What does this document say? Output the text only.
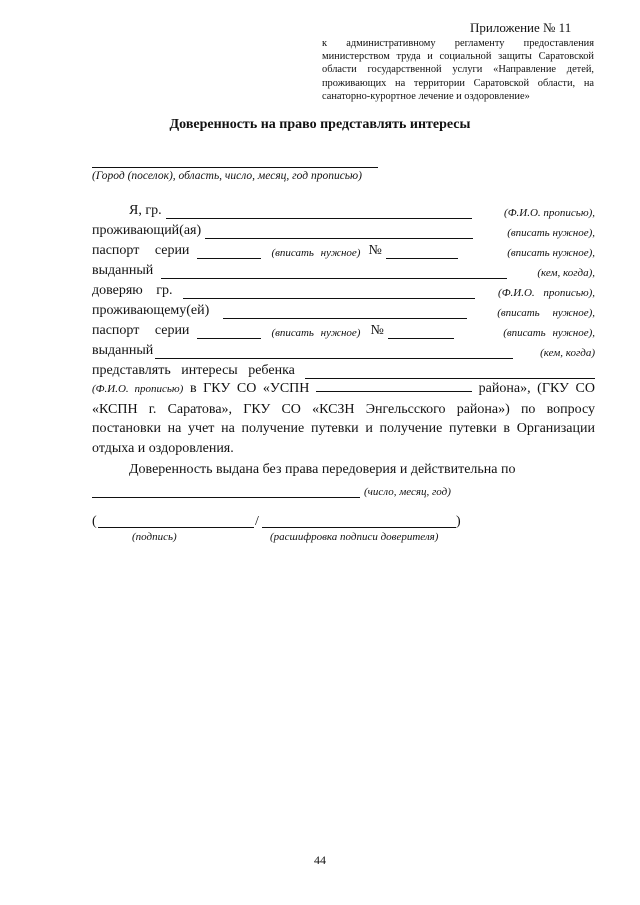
Приложение № 11
к административному регламенту предоставления
министерством труда и социальной защиты Саратовской
области государственной услуги «Направление детей,
проживающих на территории Саратовской области, на
санаторно-курортное лечение и оздоровление»
Доверенность на право представлять интересы
(Город (поселок), область, число, месяц, год прописью)
Я, гр.	(Ф.И.О. прописью),
проживающий(ая)	(вписать нужное),
паспорт серии	(вписать нужное) №	(вписать нужное),
выданный	(кем, когда),
доверяю гр.	(Ф.И.О. прописью),
проживающему(ей)	(вписать нужное),
паспорт серии	(вписать нужное) №	(вписать нужное),
выданный	(кем, когда)
представлять интересы ребенка
(Ф.И.О. прописью) в ГКУ СО «УСПН	района», (ГКУ СО «КСПН г. Саратова», ГКУ СО «КСЗН Энгельсского района») по вопросу постановки на учет на получение путевки и получение путевки в Организации отдыха и оздоровления.
Доверенность выдана без права передоверия и действительна по
(число, месяц, год)
(	/	)
(подпись)	(расшифровка подписи доверителя)
44
